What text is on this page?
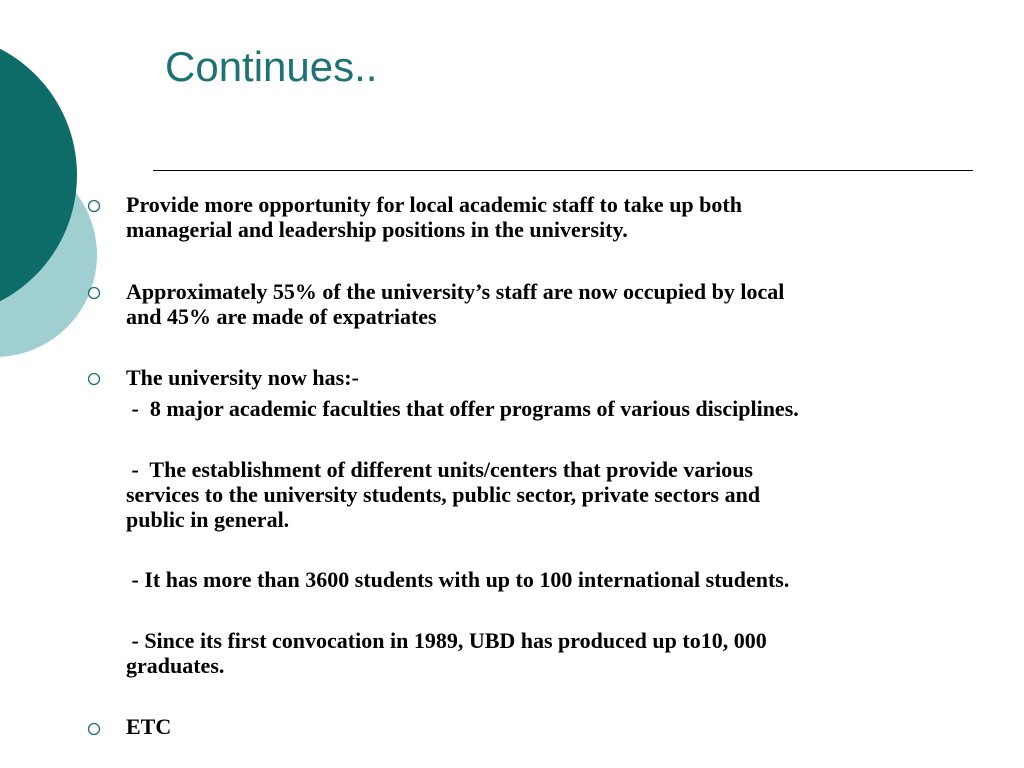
Continues..

Provide more opportunity for local academic staff to take up both

managerial and leadership positions in the university.

Approximately 55% of the university’s staff are now occupied by local

and 45% are made of expatriates

The university now has:-

-  8 major academic faculties that offer programs of various disciplines.

-  The establishment of different units/centers that provide various

services to the university students, public sector, private sectors and

public in general.

- It has more than 3600 students with up to 100 international students.

- Since its first convocation in 1989, UBD has produced up to10, 000

graduates.

ETC
